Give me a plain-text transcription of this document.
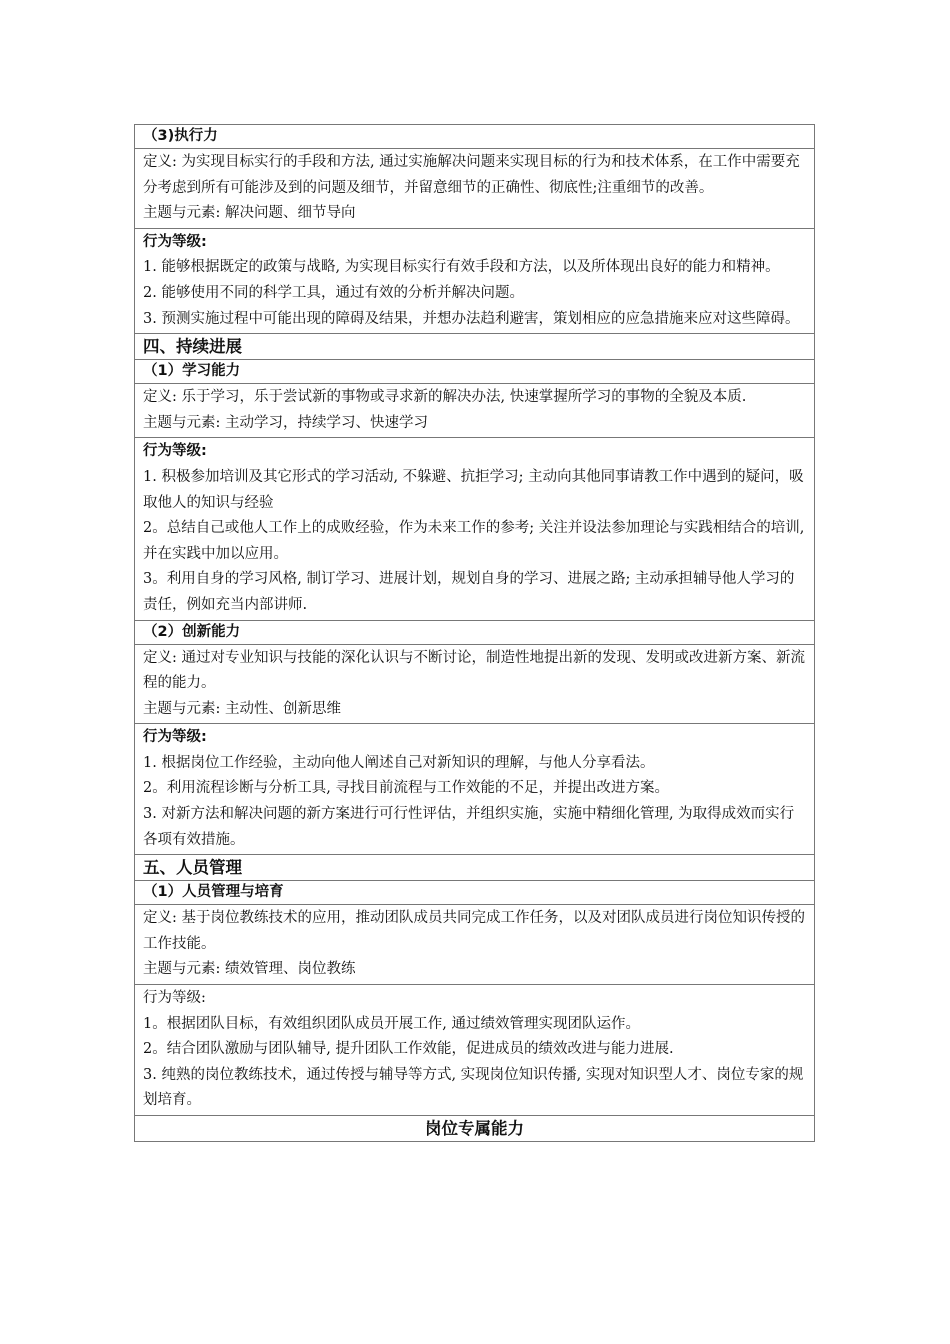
（3)执行力

定义: 为实现目标实行的手段和方法, 通过实施解决问题来实现目标的行为和技术体系，在工作中需要充分考虑到所有可能涉及到的问题及细节，并留意细节的正确性、彻底性;注重细节的改善。

主题与元素: 解决问题、细节导向

行为等级:

1. 能够根据既定的政策与战略, 为实现目标实行有效手段和方法，以及所体现出良好的能力和精神。

2. 能够使用不同的科学工具，通过有效的分析并解决问题。

3. 预测实施过程中可能出现的障碍及结果，并想办法趋利避害，策划相应的应急措施来应对这些障碍。

四、持续进展
（1）学习能力

定义: 乐于学习，乐于尝试新的事物或寻求新的解决办法, 快速掌握所学习的事物的全貌及本质.

主题与元素: 主动学习，持续学习、快速学习

行为等级:

1. 积极参加培训及其它形式的学习活动, 不躲避、抗拒学习; 主动向其他同事请教工作中遇到的疑问，吸取他人的知识与经验

2。总结自己或他人工作上的成败经验，作为未来工作的参考; 关注并设法参加理论与实践相结合的培训, 并在实践中加以应用。

3。利用自身的学习风格, 制订学习、进展计划，规划自身的学习、进展之路; 主动承担辅导他人学习的责任，例如充当内部讲师.

（2）创新能力

定义: 通过对专业知识与技能的深化认识与不断讨论，制造性地提出新的发现、发明或改进新方案、新流程的能力。

主题与元素: 主动性、创新思维

行为等级:

1. 根据岗位工作经验，主动向他人阐述自己对新知识的理解，与他人分享看法。

2。利用流程诊断与分析工具, 寻找目前流程与工作效能的不足，并提出改进方案。

3. 对新方法和解决问题的新方案进行可行性评估，并组织实施，实施中精细化管理, 为取得成效而实行各项有效措施。

五、人员管理
（1）人员管理与培育

定义: 基于岗位教练技术的应用，推动团队成员共同完成工作任务，以及对团队成员进行岗位知识传授的工作技能。

主题与元素: 绩效管理、岗位教练

行为等级:

1。根据团队目标，有效组织团队成员开展工作, 通过绩效管理实现团队运作。

2。结合团队激励与团队辅导, 提升团队工作效能，促进成员的绩效改进与能力进展.

3. 纯熟的岗位教练技术，通过传授与辅导等方式, 实现岗位知识传播, 实现对知识型人才、岗位专家的规划培育。

岗位专属能力
